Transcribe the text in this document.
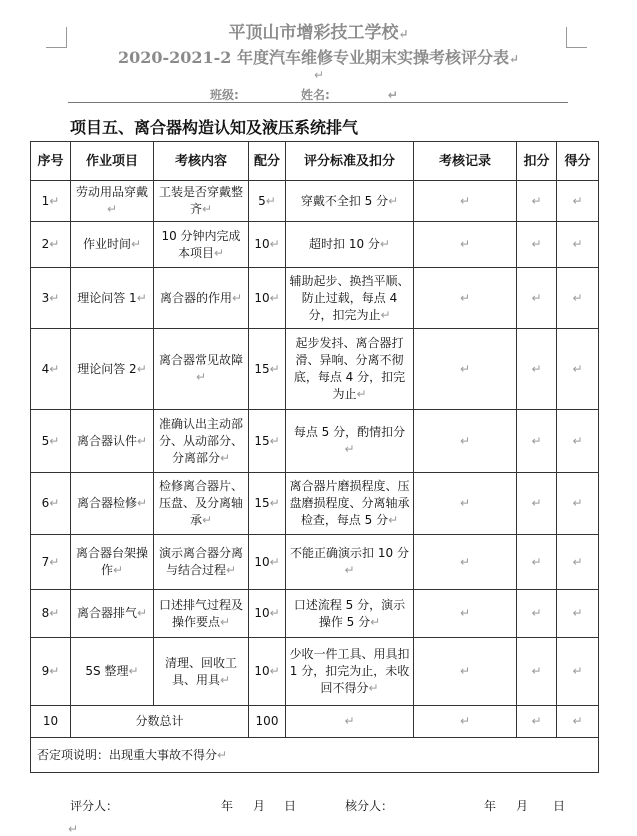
平顶山市增彩技工学校↵
2020-2021-2 年度汽车维修专业期末实操考核评分表↵
↵
班级:	姓名:	↵
项目五、离合器构造认知及液压系统排气
序号	作业项目	考核内容	配分	评分标准及扣分	考核记录	扣分	得分
1↵	劳动用品穿戴↵	工装是否穿戴整齐↵	5↵	穿戴不全扣 5 分↵	↵	↵	↵
2↵	作业时间↵	10 分钟内完成本项目↵	10↵	超时扣 10 分↵	↵	↵	↵
3↵	理论问答 1↵	离合器的作用↵	10↵	辅助起步、换挡平顺、防止过载，每点 4 分，扣完为止↵	↵	↵	↵
4↵	理论问答 2↵	离合器常见故障↵	15↵	起步发抖、离合器打滑、异响、分离不彻底，每点 4 分，扣完为止↵	↵	↵	↵
5↵	离合器认件↵	准确认出主动部分、从动部分、分离部分↵	15↵	每点 5 分，酌情扣分↵	↵	↵	↵
6↵	离合器检修↵	检修离合器片、压盘、及分离轴承↵	15↵	离合器片磨损程度、压盘磨损程度、分离轴承检查，每点 5 分↵	↵	↵	↵
7↵	离合器台架操作↵	演示离合器分离与结合过程↵	10↵	不能正确演示扣 10 分↵	↵	↵	↵
8↵	离合器排气↵	口述排气过程及操作要点↵	10↵	口述流程 5 分，演示操作 5 分↵	↵	↵	↵
9↵	5S 整理↵	清理、回收工具、用具↵	10↵	少收一件工具、用具扣 1 分，扣完为止，未收回不得分↵	↵	↵	↵
10	分数总计		100	↵	↵	↵	↵
否定项说明：出现重大事故不得分↵							
评分人：	年 月 日	核分人：	年 月 日
↵
